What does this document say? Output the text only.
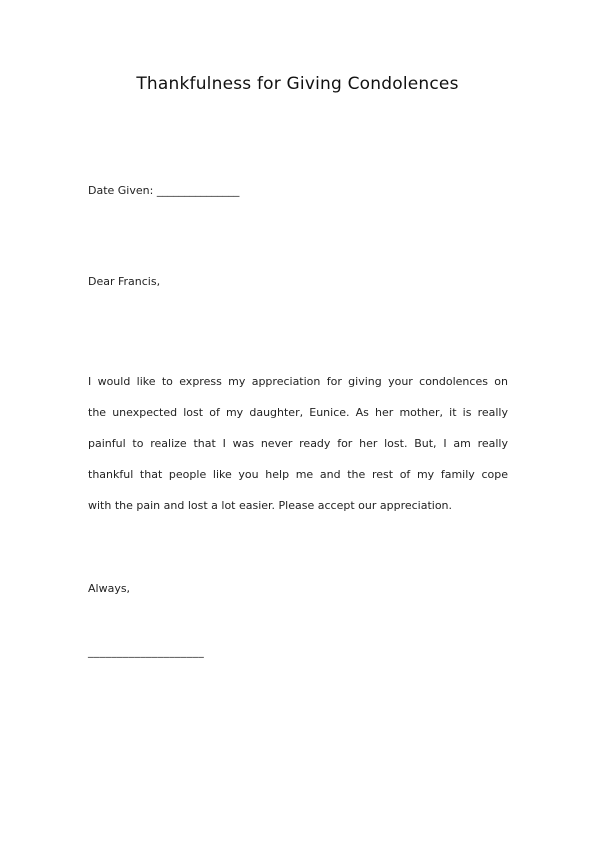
Thankfulness for Giving Condolences
Date Given: _______________
Dear Francis,
I would like to express my appreciation for giving your condolences on
the unexpected lost of my daughter, Eunice. As her mother, it is really
painful to realize that I was never ready for her lost. But, I am really
thankful that people like you help me and the rest of my family cope
with the pain and lost a lot easier. Please accept our appreciation.
Always,
____________________
